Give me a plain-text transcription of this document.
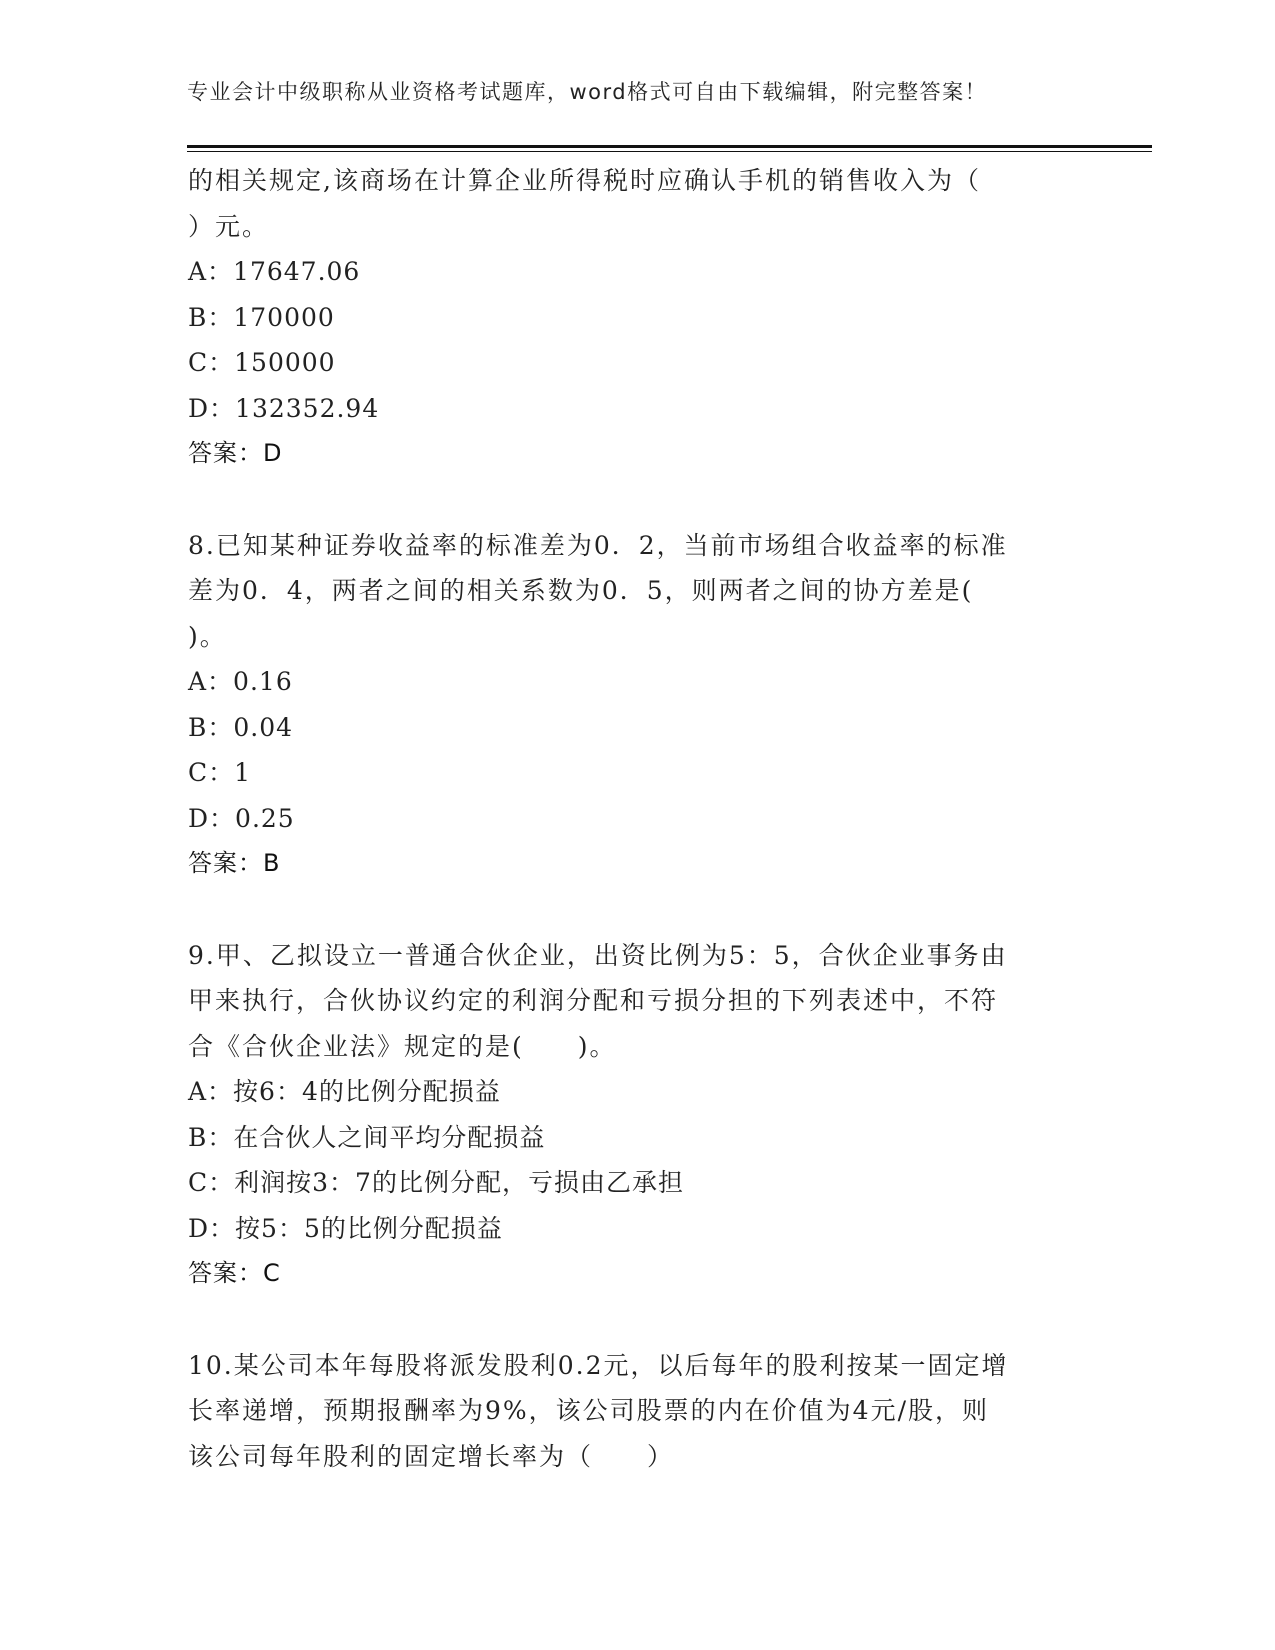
专业会计中级职称从业资格考试题库，word格式可自由下载编辑，附完整答案！
的相关规定,该商场在计算企业所得税时应确认手机的销售收入为（
）元。
A：17647.06
B：170000
C：150000
D：132352.94
答案：D
8.已知某种证券收益率的标准差为0．2，当前市场组合收益率的标准
差为0．4，两者之间的相关系数为0．5，则两者之间的协方差是(
)。
A：0.16
B：0.04
C：1
D：0.25
答案：B
9.甲、乙拟设立一普通合伙企业，出资比例为5：5，合伙企业事务由
甲来执行，合伙协议约定的利润分配和亏损分担的下列表述中，不符
合《合伙企业法》规定的是(　　)。
A：按6：4的比例分配损益
B：在合伙人之间平均分配损益
C：利润按3：7的比例分配，亏损由乙承担
D：按5：5的比例分配损益
答案：C
10.某公司本年每股将派发股利0.2元，以后每年的股利按某一固定增
长率递增，预期报酬率为9%，该公司股票的内在价值为4元/股，则
该公司每年股利的固定增长率为（　　）
